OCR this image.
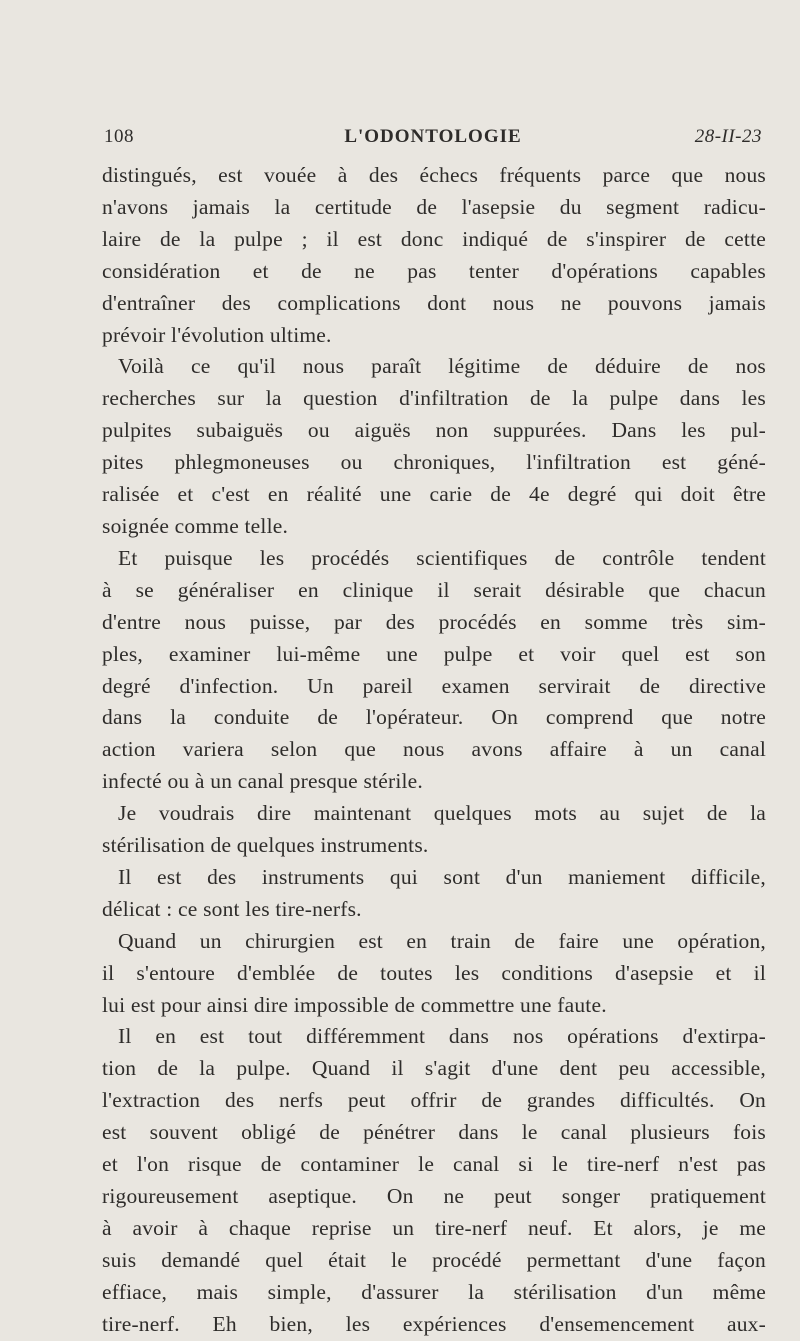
108	L'ODONTOLOGIE	28-II-23
distingués, est vouée à des échecs fréquents parce que nous
n'avons jamais la certitude de l'asepsie du segment radicu-
laire de la pulpe ; il est donc indiqué de s'inspirer de cette
considération et de ne pas tenter d'opérations capables
d'entraîner des complications dont nous ne pouvons jamais
prévoir l'évolution ultime.
Voilà ce qu'il nous paraît légitime de déduire de nos
recherches sur la question d'infiltration de la pulpe dans les
pulpites subaiguës ou aiguës non suppurées. Dans les pul-
pites phlegmoneuses ou chroniques, l'infiltration est géné-
ralisée et c'est en réalité une carie de 4e degré qui doit être
soignée comme telle.
Et puisque les procédés scientifiques de contrôle tendent
à se généraliser en clinique il serait désirable que chacun
d'entre nous puisse, par des procédés en somme très sim-
ples, examiner lui-même une pulpe et voir quel est son
degré d'infection. Un pareil examen servirait de directive
dans la conduite de l'opérateur. On comprend que notre
action variera selon que nous avons affaire à un canal
infecté ou à un canal presque stérile.
Je voudrais dire maintenant quelques mots au sujet de la
stérilisation de quelques instruments.
Il est des instruments qui sont d'un maniement difficile,
délicat : ce sont les tire-nerfs.
Quand un chirurgien est en train de faire une opération,
il s'entoure d'emblée de toutes les conditions d'asepsie et il
lui est pour ainsi dire impossible de commettre une faute.
Il en est tout différemment dans nos opérations d'extirpa-
tion de la pulpe. Quand il s'agit d'une dent peu accessible,
l'extraction des nerfs peut offrir de grandes difficultés. On
est souvent obligé de pénétrer dans le canal plusieurs fois
et l'on risque de contaminer le canal si le tire-nerf n'est pas
rigoureusement aseptique. On ne peut songer pratiquement
à avoir à chaque reprise un tire-nerf neuf. Et alors, je me
suis demandé quel était le procédé permettant d'une façon
effiace, mais simple, d'assurer la stérilisation d'un même
tire-nerf. Eh bien, les expériences d'ensemencement aux-
